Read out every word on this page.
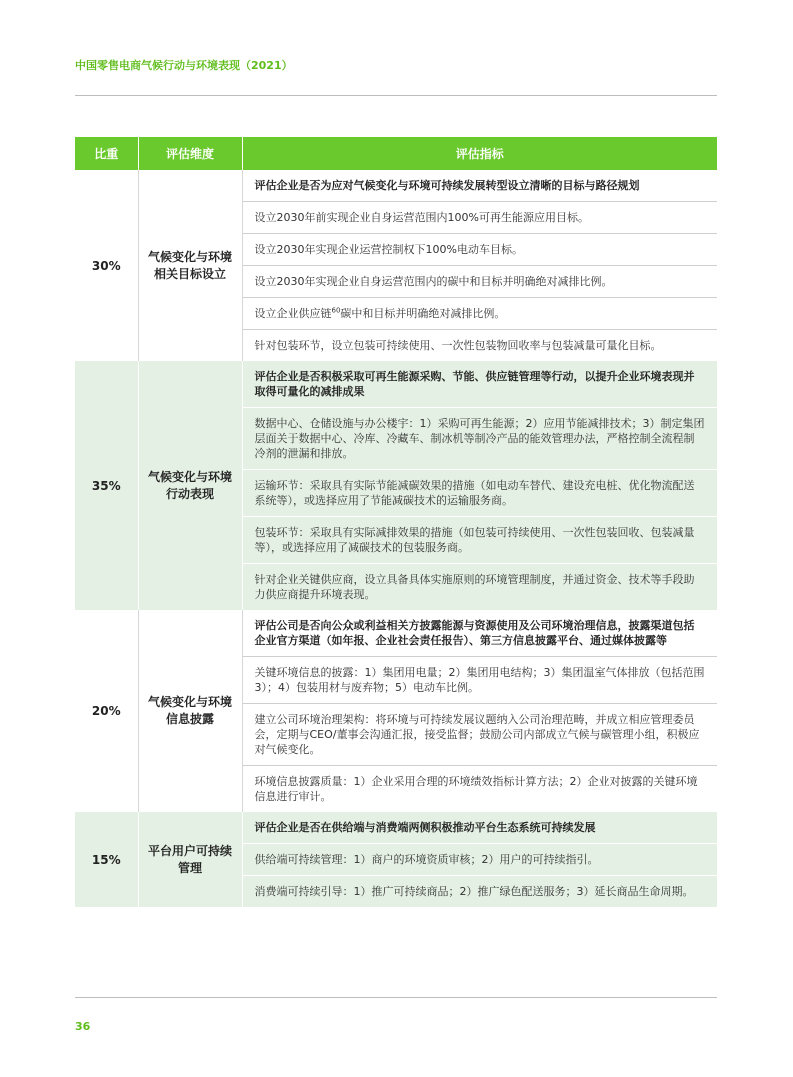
中国零售电商气候行动与环境表现（2021）
比重	评估维度	评估指标
30%	气候变化与环境相关目标设立	评估企业是否为应对气候变化与环境可持续发展转型设立清晰的目标与路径规划
		设立2030年前实现企业自身运营范围内100%可再生能源应用目标。
		设立2030年实现企业运营控制权下100%电动车目标。
		设立2030年实现企业自身运营范围内的碳中和目标并明确绝对减排比例。
		设立企业供应链$^{60}$碳中和目标并明确绝对减排比例。
		针对包装环节，设立包装可持续使用、一次性包装物回收率与包装减量可量化目标。
35%	气候变化与环境行动表现	评估企业是否积极采取可再生能源采购、节能、供应链管理等行动，以提升企业环境表现并取得可量化的减排成果
		数据中心、仓储设施与办公楼宇：1）采购可再生能源；2）应用节能减排技术；3）制定集团层面关于数据中心、冷库、冷藏车、制冰机等制冷产品的能效管理办法，严格控制全流程制冷剂的泄漏和排放。
		运输环节：采取具有实际节能减碳效果的措施（如电动车替代、建设充电桩、优化物流配送系统等），或选择应用了节能减碳技术的运输服务商。
		包装环节：采取具有实际减排效果的措施（如包装可持续使用、一次性包装回收、包装减量等），或选择应用了减碳技术的包装服务商。
		针对企业关键供应商，设立具备具体实施原则的环境管理制度，并通过资金、技术等手段助力供应商提升环境表现。
20%	气候变化与环境信息披露	评估公司是否向公众或利益相关方披露能源与资源使用及公司环境治理信息，披露渠道包括企业官方渠道（如年报、企业社会责任报告）、第三方信息披露平台、通过媒体披露等
		关键环境信息的披露：1）集团用电量；2）集团用电结构；3）集团温室气体排放（包括范围3）；4）包装用材与废弃物；5）电动车比例。
		建立公司环境治理架构：将环境与可持续发展议题纳入公司治理范畴，并成立相应管理委员会，定期与CEO/董事会沟通汇报，接受监督；鼓励公司内部成立气候与碳管理小组，积极应对气候变化。
		环境信息披露质量：1）企业采用合理的环境绩效指标计算方法；2）企业对披露的关键环境信息进行审计。
15%	平台用户可持续管理	评估企业是否在供给端与消费端两侧积极推动平台生态系统可持续发展
		供给端可持续管理：1）商户的环境资质审核；2）用户的可持续指引。
		消费端可持续引导：1）推广可持续商品；2）推广绿色配送服务；3）延长商品生命周期。
36
